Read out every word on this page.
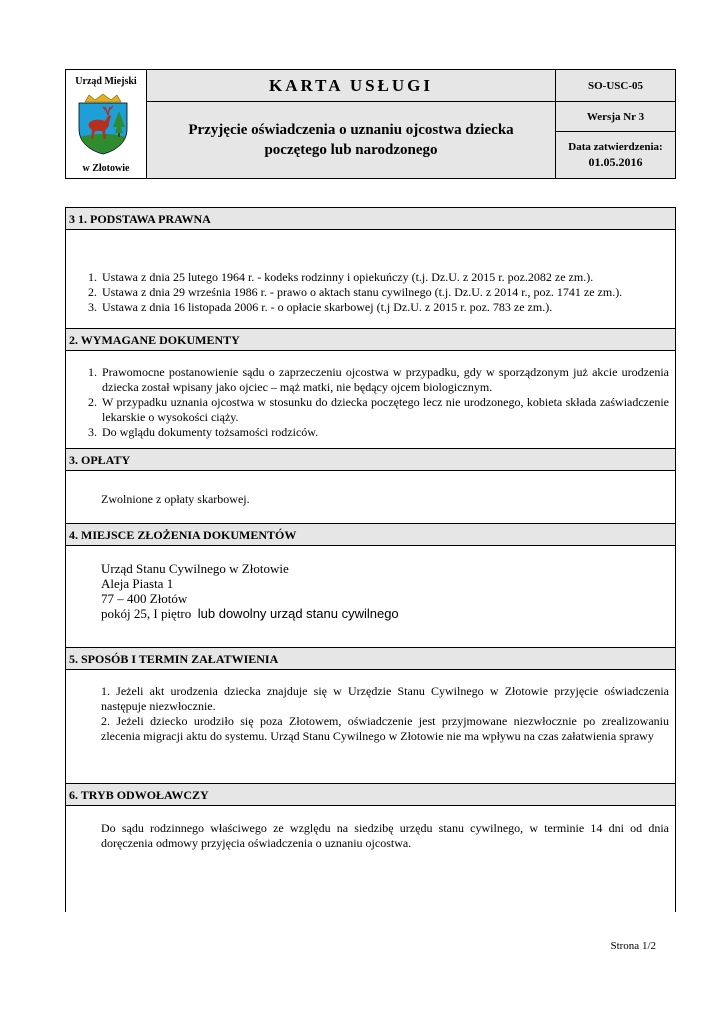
Urząd Miejski
w Złotowie
KARTA USŁUGI
Przyjęcie oświadczenia o uznaniu ojcostwa dziecka poczętego lub narodzonego
SO-USC-05
Wersja Nr 3
Data zatwierdzenia:
01.05.2016
3 1. PODSTAWA PRAWNA
1. Ustawa z dnia 25 lutego 1964 r. - kodeks rodzinny i opiekuńczy (t.j. Dz.U. z 2015 r. poz.2082 ze zm.).
2. Ustawa z dnia 29 września 1986 r. - prawo o aktach stanu cywilnego (t.j. Dz.U. z 2014 r., poz. 1741 ze zm.).
3. Ustawa z dnia 16 listopada 2006 r. - o opłacie skarbowej (t.j Dz.U. z 2015 r. poz. 783 ze zm.).
2. WYMAGANE DOKUMENTY
1. Prawomocne postanowienie sądu o zaprzeczeniu ojcostwa w przypadku, gdy w sporządzonym już akcie urodzenia dziecka został wpisany jako ojciec – mąż matki, nie będący ojcem biologicznym.
2. W przypadku uznania ojcostwa w stosunku do dziecka poczętego lecz nie urodzonego, kobieta składa zaświadczenie lekarskie o wysokości ciąży.
3. Do wglądu dokumenty tożsamości rodziców.
3. OPŁATY
Zwolnione z opłaty skarbowej.
4. MIEJSCE ZŁOŻENIA DOKUMENTÓW
Urząd Stanu Cywilnego w Złotowie
Aleja Piasta 1
77 – 400 Złotów
pokój 25, I piętro lub dowolny urząd stanu cywilnego
5. SPOSÓB I TERMIN ZAŁATWIENIA
1. Jeżeli akt urodzenia dziecka znajduje się w Urzędzie Stanu Cywilnego w Złotowie przyjęcie oświadczenia następuje niezwłocznie.
2. Jeżeli dziecko urodziło się poza Złotowem, oświadczenie jest przyjmowane niezwłocznie po zrealizowaniu zlecenia migracji aktu do systemu. Urząd Stanu Cywilnego w Złotowie nie ma wpływu na czas załatwienia sprawy
6. TRYB ODWOŁAWCZY
Do sądu rodzinnego właściwego ze względu na siedzibę urzędu stanu cywilnego, w terminie 14 dni od dnia doręczenia odmowy przyjęcia oświadczenia o uznaniu ojcostwa.
Strona 1/2
